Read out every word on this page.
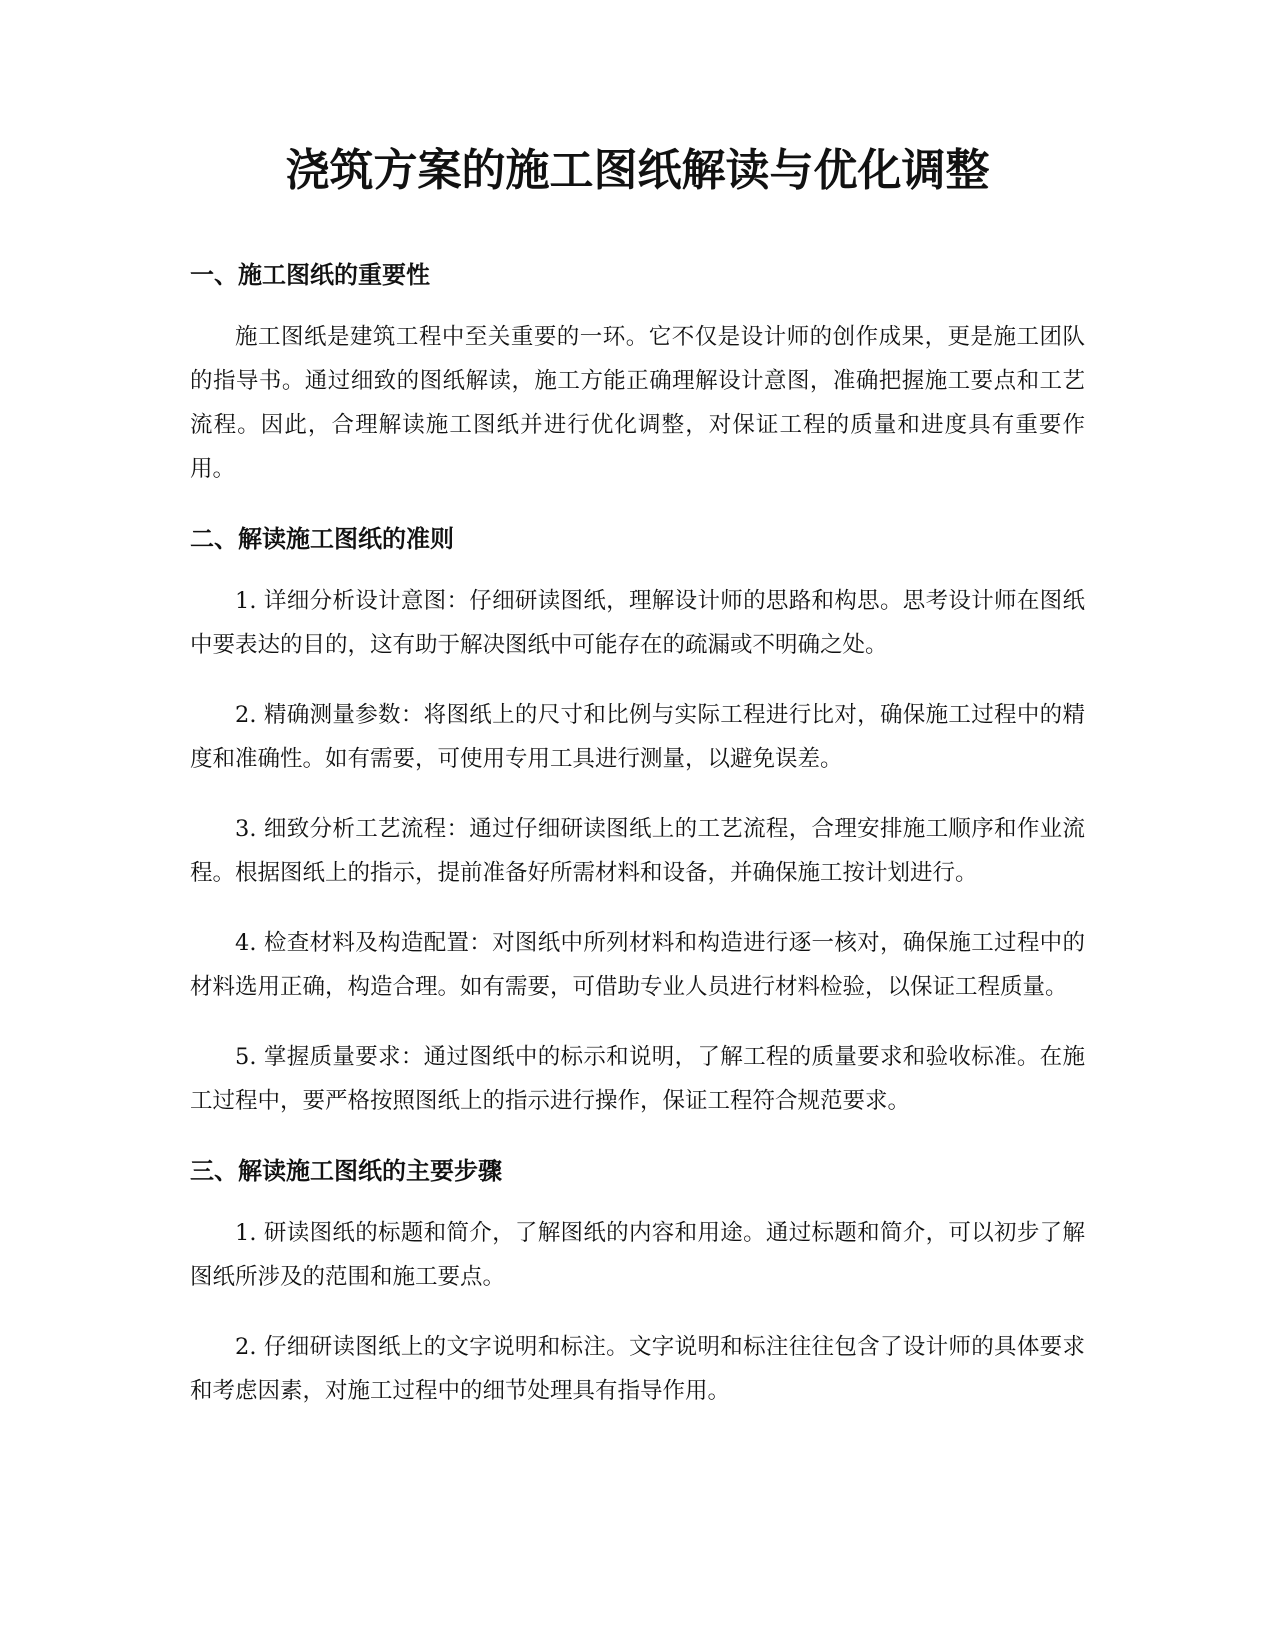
浇筑方案的施工图纸解读与优化调整
一、施工图纸的重要性

施工图纸是建筑工程中至关重要的一环。它不仅是设计师的创作成果，更是施工团队的指导书。通过细致的图纸解读，施工方能正确理解设计意图，准确把握施工要点和工艺流程。因此，合理解读施工图纸并进行优化调整，对保证工程的质量和进度具有重要作用。

二、解读施工图纸的准则

1. 详细分析设计意图：仔细研读图纸，理解设计师的思路和构思。思考设计师在图纸中要表达的目的，这有助于解决图纸中可能存在的疏漏或不明确之处。

2. 精确测量参数：将图纸上的尺寸和比例与实际工程进行比对，确保施工过程中的精度和准确性。如有需要，可使用专用工具进行测量，以避免误差。

3. 细致分析工艺流程：通过仔细研读图纸上的工艺流程，合理安排施工顺序和作业流程。根据图纸上的指示，提前准备好所需材料和设备，并确保施工按计划进行。

4. 检查材料及构造配置：对图纸中所列材料和构造进行逐一核对，确保施工过程中的材料选用正确，构造合理。如有需要，可借助专业人员进行材料检验，以保证工程质量。

5. 掌握质量要求：通过图纸中的标示和说明，了解工程的质量要求和验收标准。在施工过程中，要严格按照图纸上的指示进行操作，保证工程符合规范要求。

三、解读施工图纸的主要步骤

1. 研读图纸的标题和简介，了解图纸的内容和用途。通过标题和简介，可以初步了解图纸所涉及的范围和施工要点。

2. 仔细研读图纸上的文字说明和标注。文字说明和标注往往包含了设计师的具体要求和考虑因素，对施工过程中的细节处理具有指导作用。
